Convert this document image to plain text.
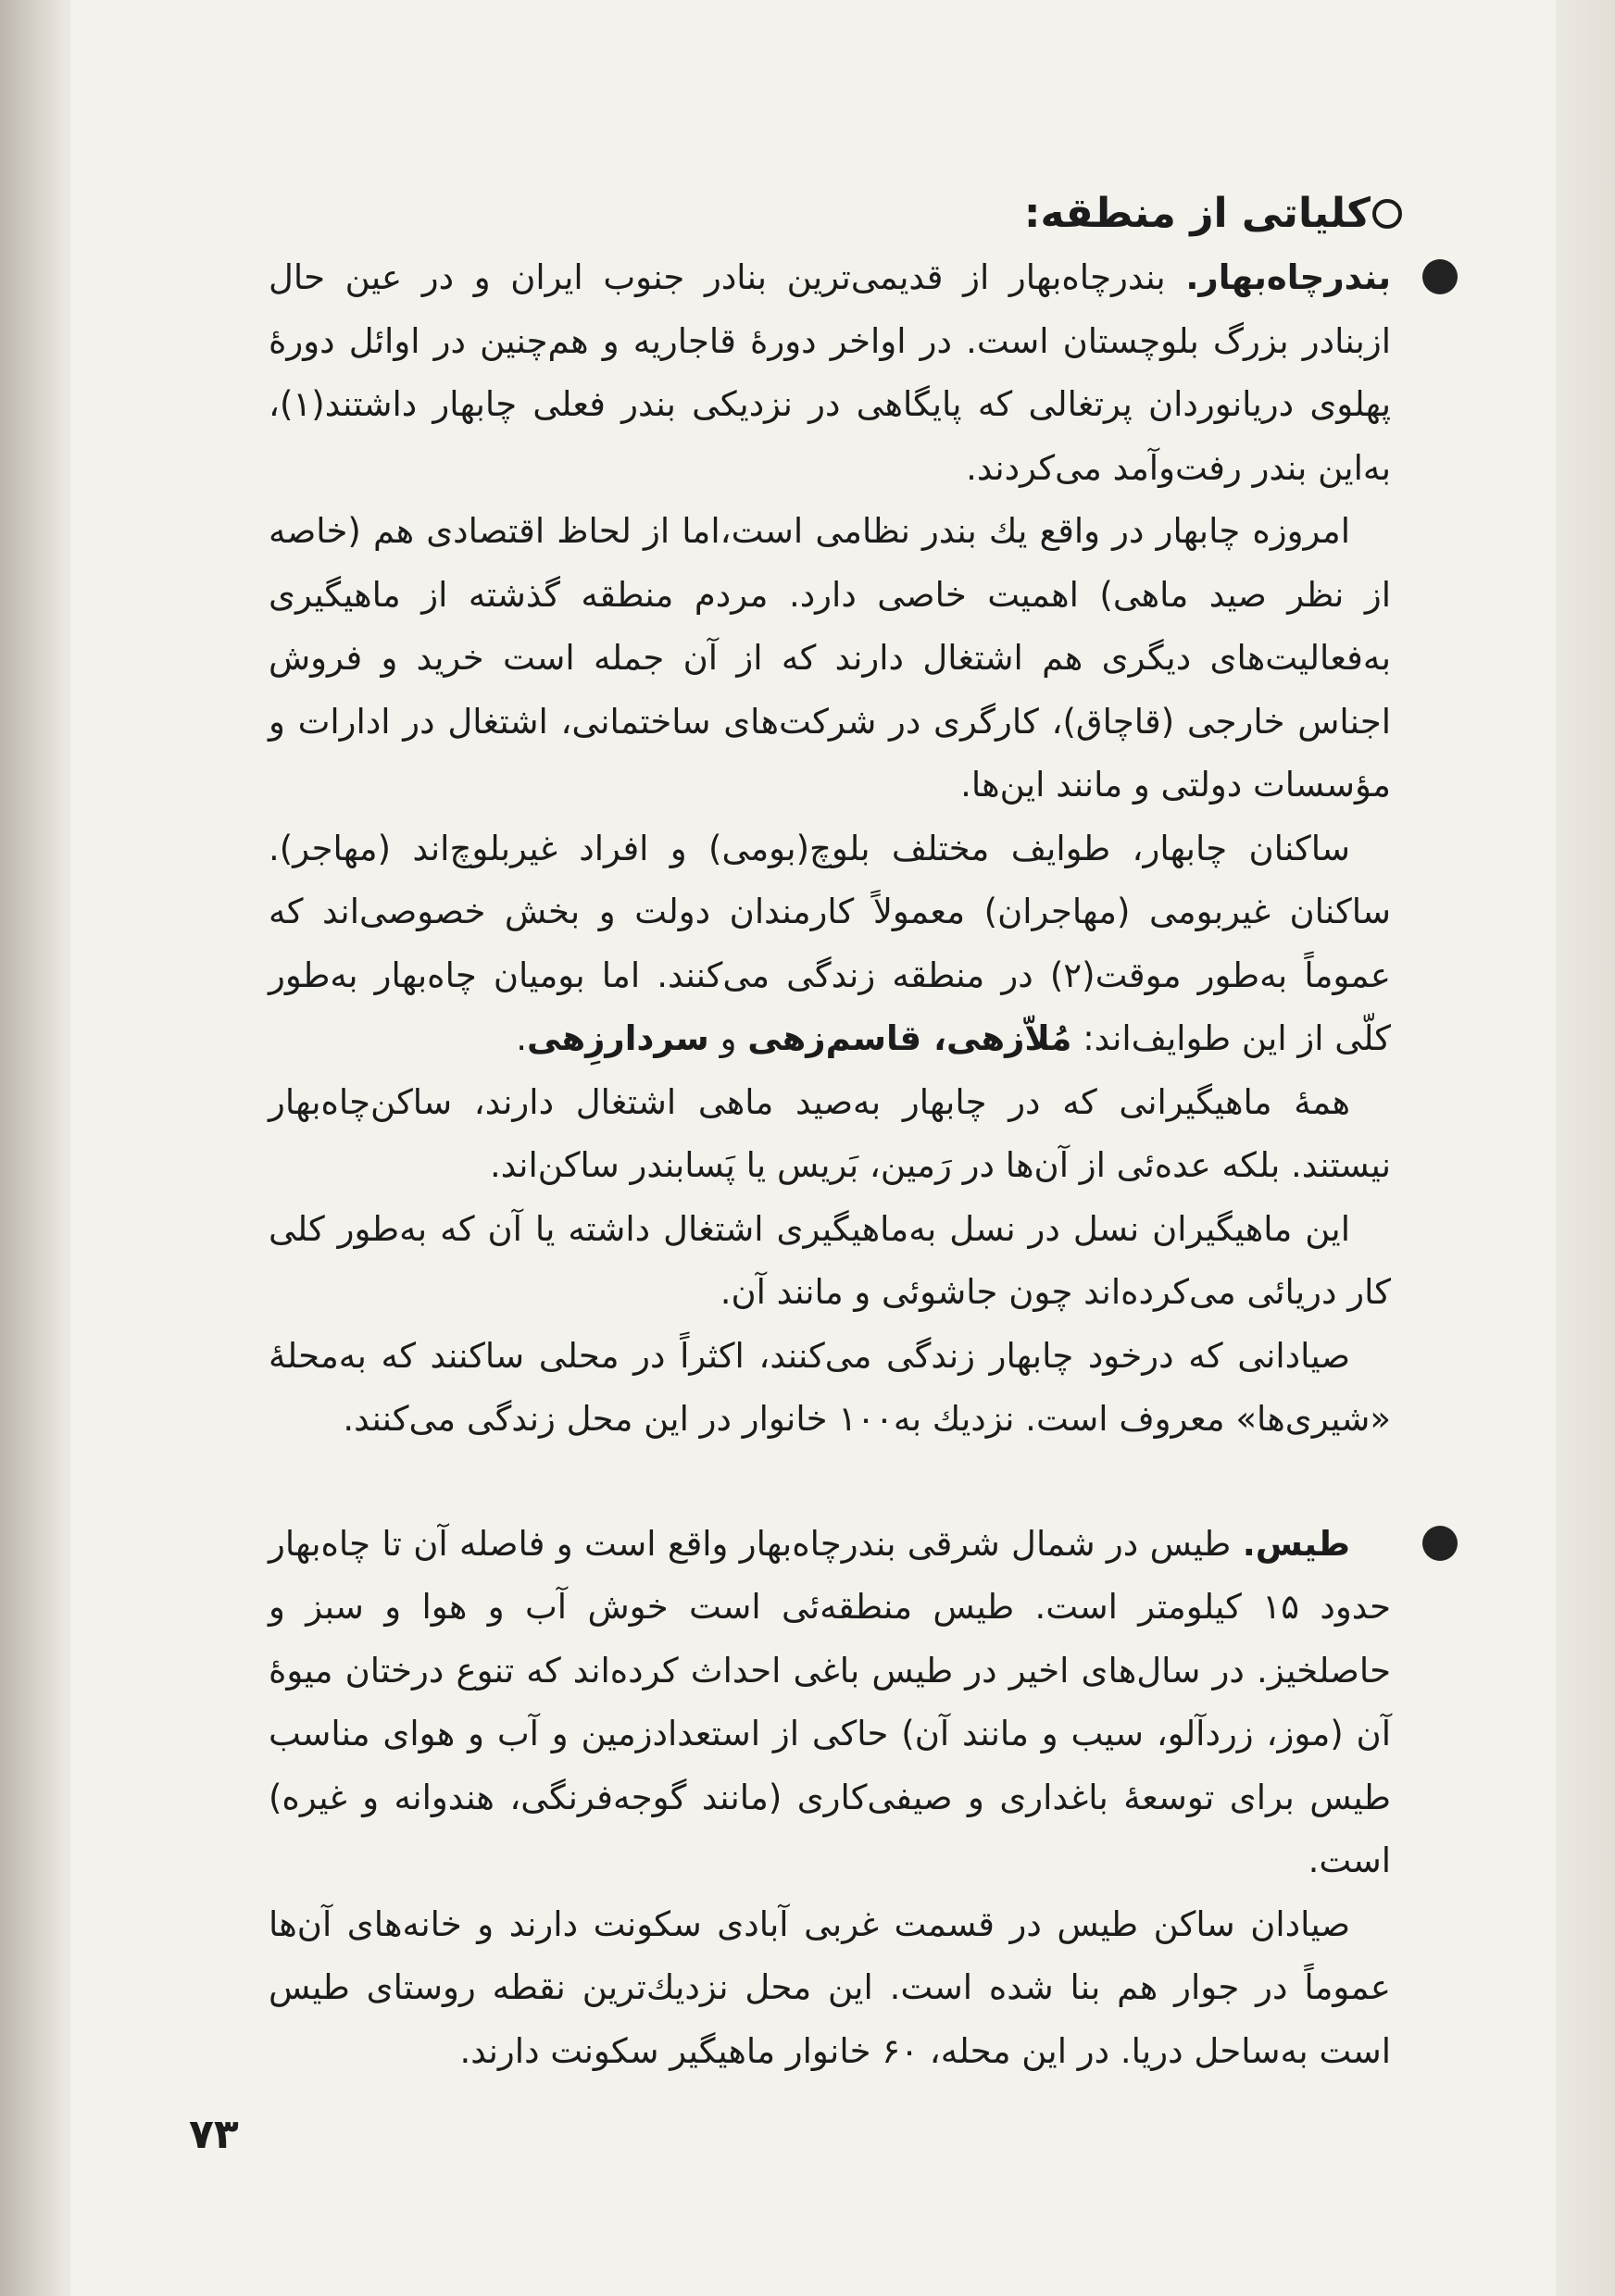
کلیاتی از منطقه:

بندرچاه‌بهار. بندرچاه‌بهار از قدیمی‌ترین بنادر جنوب ایران و در عین حال ازبنادر بزرگ بلوچستان است. در اواخر دورهٔ قاجاریه و هم‌چنین در اوائل دورهٔ پهلوی دریانوردان پرتغالی که پایگاهی در نزدیکی بندر فعلی چابهار داشتند(۱)، به‌این بندر رفت‌وآمد می‌کردند.

امروزه چابهار در واقع یك بندر نظامی است،اما از لحاظ اقتصادی هم (خاصه از نظر صید ماهی) اهمیت خاصی دارد. مردم منطقه گذشته از ماهیگیری به‌فعالیت‌های دیگری هم اشتغال دارند که از آن جمله است خرید و فروش اجناس خارجی (قاچاق)، کارگری در شرکت‌های ساختمانی، اشتغال در ادارات و مؤسسات دولتی و مانند این‌ها.

ساکنان چابهار، طوایف مختلف بلوچ(بومی) و افراد غیربلوچ‌اند (مهاجر). ساکنان غیربومی (مهاجران) معمولاً کارمندان دولت و بخش خصوصی‌اند که عموماً به‌طور موقت(۲) در منطقه زندگی می‌کنند. اما بومیان چاه‌بهار به‌طور کلّی از این طوایف‌اند: مُلاّزهی، قاسم‌زهی و سردارزِهی.

همهٔ ماهیگیرانی که در چابهار به‌صید ماهی اشتغال دارند، ساکن‌چاه‌بهار نیستند. بلکه عده‌ئی از آن‌ها در رَمین، بَریس یا پَسابندر ساکن‌اند.

این ماهیگیران نسل در نسل به‌ماهیگیری اشتغال داشته یا آن که به‌طور کلی کار دریائی می‌کرده‌اند چون جاشوئی و مانند آن.

صیادانی که درخود چابهار زندگی می‌کنند، اکثراً در محلی ساکنند که به‌محلهٔ «شیری‌ها» معروف است. نزدیك به‌۱۰۰ خانوار در این محل زندگی می‌کنند.

طیس. طیس در شمال شرقی بندرچاه‌بهار واقع است و فاصله آن تا چاه‌بهار حدود ۱۵ کیلومتر است. طیس منطقه‌ئی است خوش آب و هوا و سبز و حاصلخیز. در سال‌های اخیر در طیس باغی احداث کرده‌اند که تنوع درختان میوهٔ آن (موز، زردآلو، سیب و مانند آن) حاکی از استعدادزمین و آب و هوای مناسب طیس برای توسعهٔ باغداری و صیفی‌کاری (مانند گوجه‌فرنگی، هندوانه و غیره) است.

صیادان ساکن طیس در قسمت غربی آبادی سکونت دارند و خانه‌های آن‌ها عموماً در جوار هم بنا شده است. این محل نزدیك‌ترین نقطه روستای طیس است به‌ساحل دریا. در این محله، ۶۰ خانوار ماهیگیر سکونت دارند.

۷۳
